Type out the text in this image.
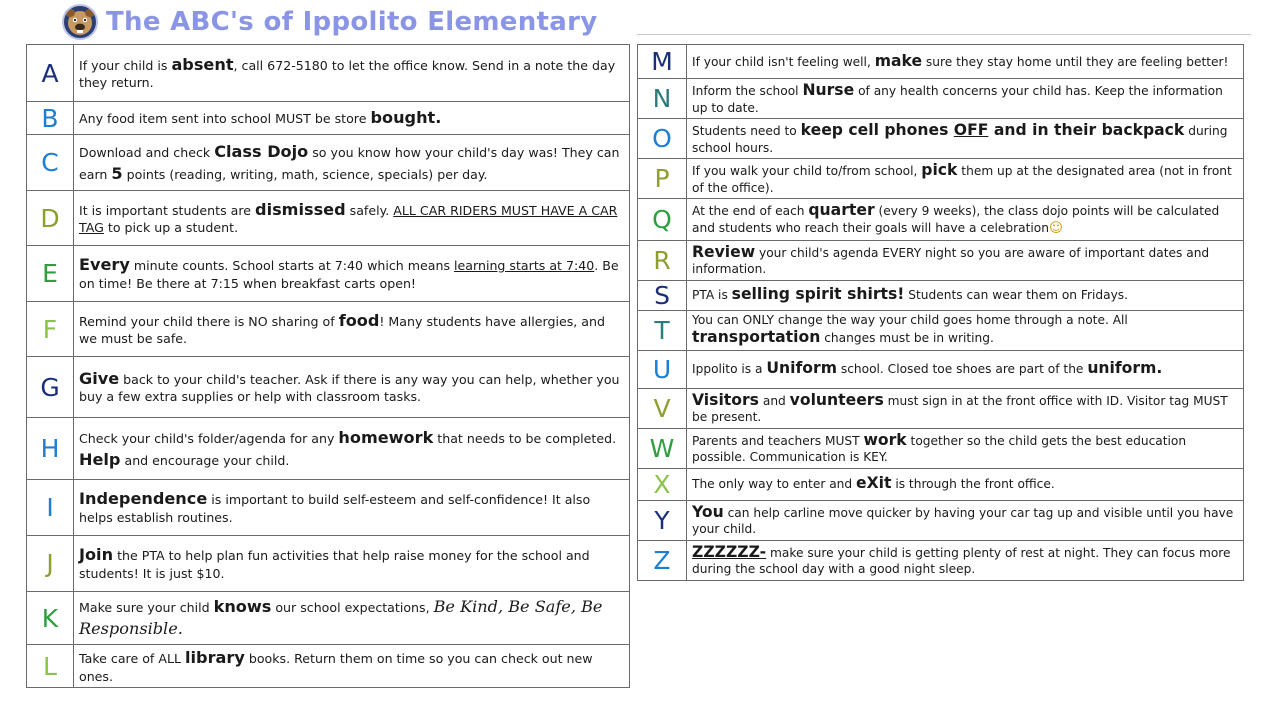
The ABC's of Ippolito Elementary
A	If your child is absent, call 672-5180 to let the office know. Send in a note the day they return.
B	Any food item sent into school MUST be store bought.
C	Download and check Class Dojo so you know how your child's day was! They can earn 5 points (reading, writing, math, science, specials) per day.
D	It is important students are dismissed safely. ALL CAR RIDERS MUST HAVE A CAR TAG to pick up a student.
E	Every minute counts. School starts at 7:40 which means learning starts at 7:40. Be on time! Be there at 7:15 when breakfast carts open!
F	Remind your child there is NO sharing of food! Many students have allergies, and we must be safe.
G	Give back to your child's teacher. Ask if there is any way you can help, whether you buy a few extra supplies or help with classroom tasks.
H	Check your child's folder/agenda for any homework that needs to be completed. Help and encourage your child.
I	Independence is important to build self-esteem and self-confidence! It also helps establish routines.
J	Join the PTA to help plan fun activities that help raise money for the school and students! It is just $10.
K	Make sure your child knows our school expectations, Be Kind, Be Safe, Be Responsible.
L	Take care of ALL library books. Return them on time so you can check out new ones.
M	If your child isn't feeling well, make sure they stay home until they are feeling better!
N	Inform the school Nurse of any health concerns your child has. Keep the information up to date.
O	Students need to keep cell phones OFF and in their backpack during school hours.
P	If you walk your child to/from school, pick them up at the designated area (not in front of the office).
Q	At the end of each quarter (every 9 weeks), the class dojo points will be calculated and students who reach their goals will have a celebration☺
R	Review your child's agenda EVERY night so you are aware of important dates and information.
S	PTA is selling spirit shirts! Students can wear them on Fridays.
T	You can ONLY change the way your child goes home through a note. All transportation changes must be in writing.
U	Ippolito is a Uniform school. Closed toe shoes are part of the uniform.
V	Visitors and volunteers must sign in at the front office with ID. Visitor tag MUST be present.
W	Parents and teachers MUST work together so the child gets the best education possible. Communication is KEY.
X	The only way to enter and eXit is through the front office.
Y	You can help carline move quicker by having your car tag up and visible until you have your child.
Z	ZZZZZZ- make sure your child is getting plenty of rest at night. They can focus more during the school day with a good night sleep.
